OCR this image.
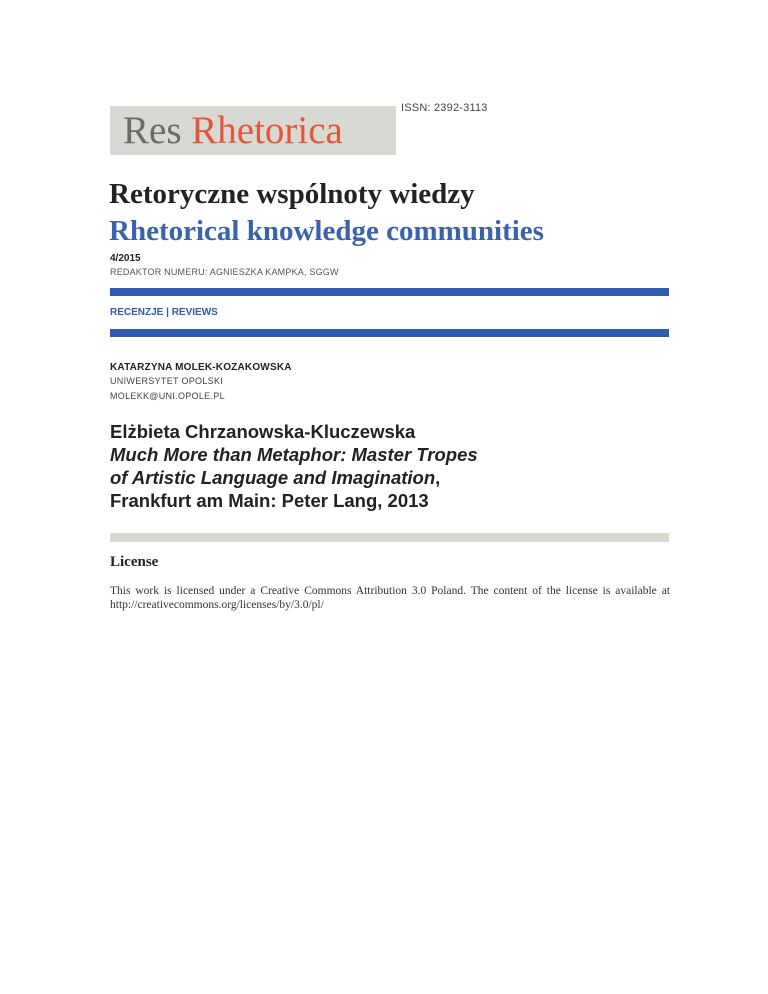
Res Rhetorica
ISSN: 2392-3113
Retoryczne wspólnoty wiedzy
Rhetorical knowledge communities
4/2015
REDAKTOR NUMERU: AGNIESZKA KAMPKA, SGGW
RECENZJE | REVIEWS
KATARZYNA MOLEK-KOZAKOWSKA
UNIWERSYTET OPOLSKI
MOLEKK@UNI.OPOLE.PL
Elżbieta Chrzanowska-Kluczewska
Much More than Metaphor: Master Tropes
of Artistic Language and Imagination,
Frankfurt am Main: Peter Lang, 2013
License
This work is licensed under a Creative Commons Attribution 3.0 Poland. The content of the license is available at http://creativecommons.org/licenses/by/3.0/pl/
